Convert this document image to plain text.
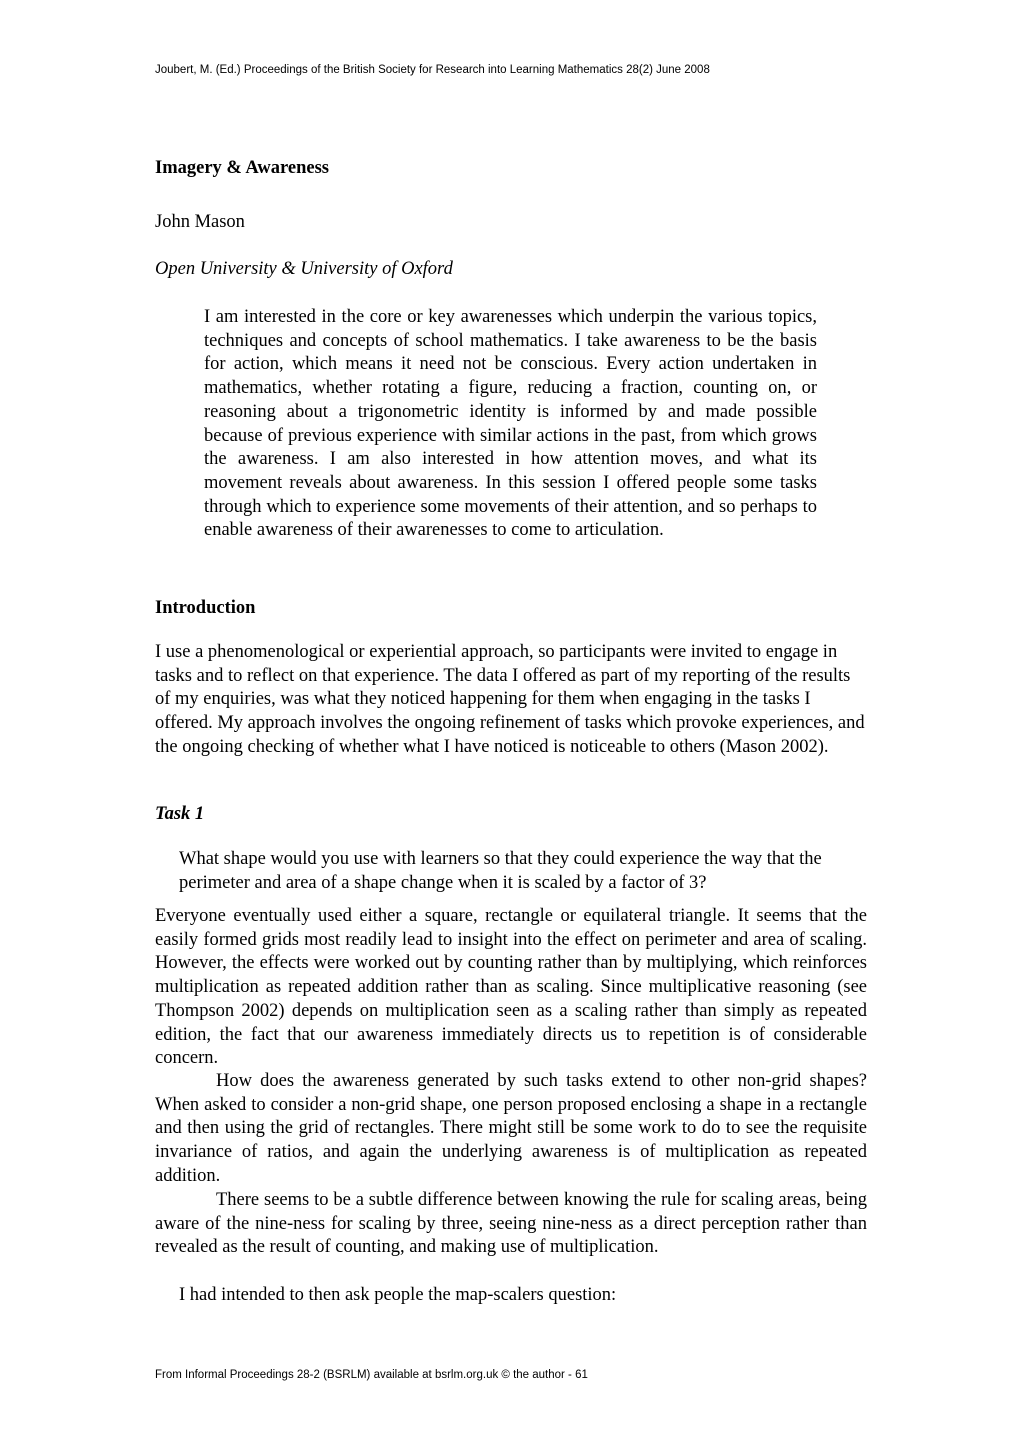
Joubert, M. (Ed.) Proceedings of the British Society for Research into Learning Mathematics 28(2) June 2008
Imagery & Awareness
John Mason
Open University & University of Oxford

I am interested in the core or key awarenesses which underpin the various topics, techniques and concepts of school mathematics. I take awareness to be the basis for action, which means it need not be conscious. Every action undertaken in mathematics, whether rotating a figure, reducing a fraction, counting on, or reasoning about a trigonometric identity is informed by and made possible because of previous experience with similar actions in the past, from which grows the awareness. I am also interested in how attention moves, and what its movement reveals about awareness. In this session I offered people some tasks through which to experience some movements of their attention, and so perhaps to enable awareness of their awarenesses to come to articulation.

Introduction

I use a phenomenological or experiential approach, so participants were invited to engage in tasks and to reflect on that experience. The data I offered as part of my reporting of the results of my enquiries, was what they noticed happening for them when engaging in the tasks I offered. My approach involves the ongoing refinement of tasks which provoke experiences, and the ongoing checking of whether what I have noticed is noticeable to others (Mason 2002).

Task 1

What shape would you use with learners so that they could experience the way that the perimeter and area of a shape change when it is scaled by a factor of 3?

Everyone eventually used either a square, rectangle or equilateral triangle. It seems that the easily formed grids most readily lead to insight into the effect on perimeter and area of scaling. However, the effects were worked out by counting rather than by multiplying, which reinforces multiplication as repeated addition rather than as scaling. Since multiplicative reasoning (see Thompson 2002) depends on multiplication seen as a scaling rather than simply as repeated edition, the fact that our awareness immediately directs us to repetition is of considerable concern.

How does the awareness generated by such tasks extend to other non-grid shapes? When asked to consider a non-grid shape, one person proposed enclosing a shape in a rectangle and then using the grid of rectangles. There might still be some work to do to see the requisite invariance of ratios, and again the underlying awareness is of multiplication as repeated addition.

There seems to be a subtle difference between knowing the rule for scaling areas, being aware of the nine-ness for scaling by three, seeing nine-ness as a direct perception rather than revealed as the result of counting, and making use of multiplication.

I had intended to then ask people the map-scalers question:

From Informal Proceedings 28-2 (BSRLM) available at bsrlm.org.uk © the author - 61
